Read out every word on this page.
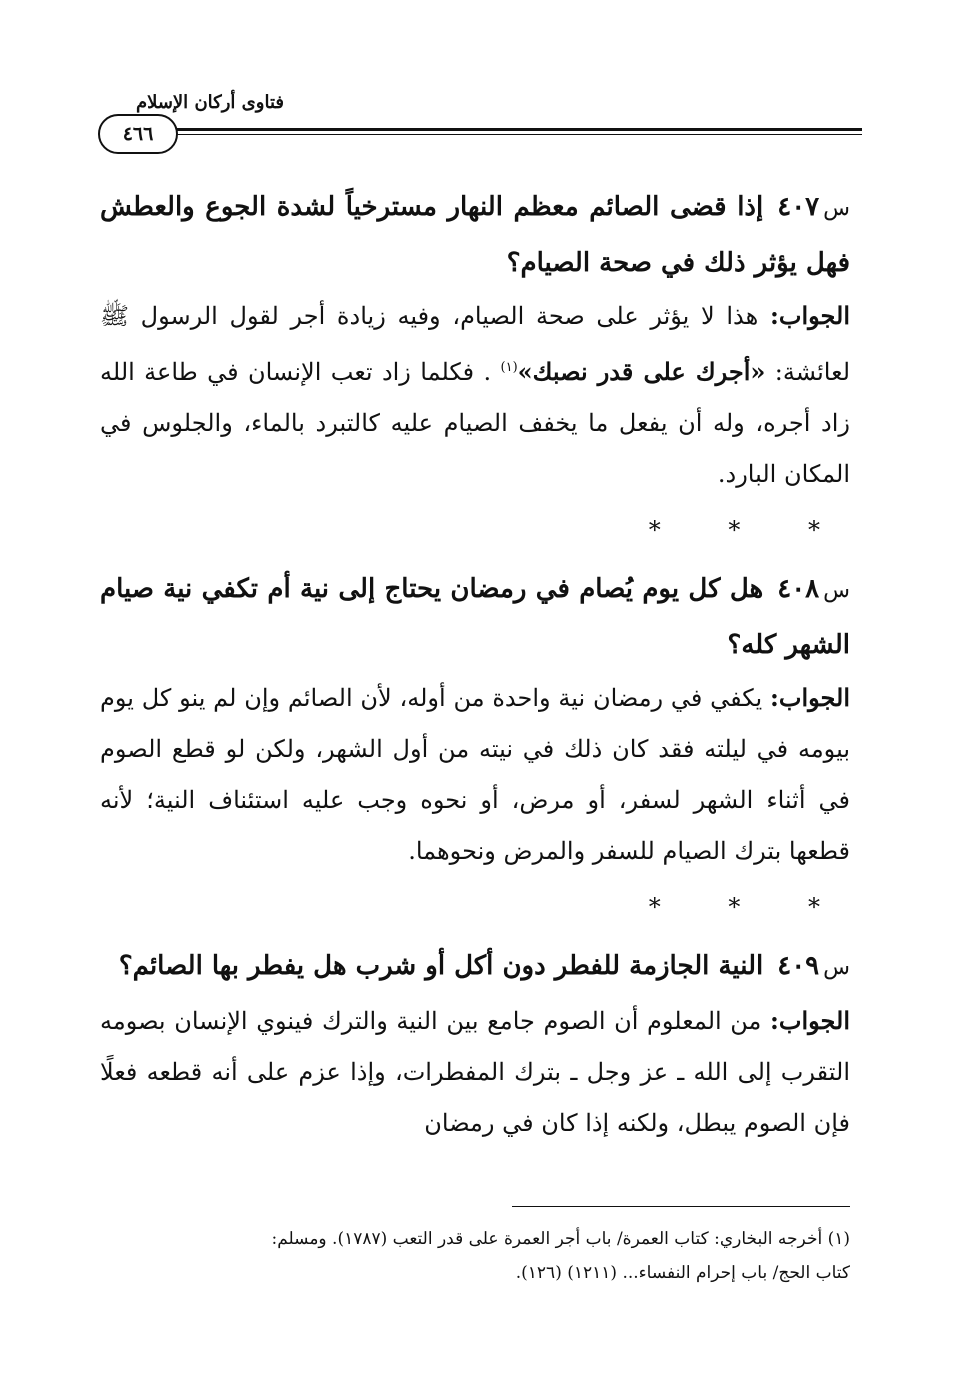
فتاوى أركان الإسلام
٤٦٦

س٤٠٧إذا قضى الصائم معظم النهار مسترخياً لشدة الجوع والعطش فهل يؤثر ذلك في صحة الصيام؟

الجواب: هذا لا يؤثر على صحة الصيام، وفيه زيادة أجر لقول الرسول ﷺ لعائشة: «أجرك على قدر نصبك»$^{(١)}$ . فكلما زاد تعب الإنسان في طاعة الله زاد أجره، وله أن يفعل ما يخفف الصيام عليه كالتبرد بالماء، والجلوس في المكان البارد.

* * *

س٤٠٨هل كل يوم يُصام في رمضان يحتاج إلى نية أم تكفي نية صيام الشهر كله؟

الجواب: يكفي في رمضان نية واحدة من أوله، لأن الصائم وإن لم ينو كل يوم بيومه في ليلته فقد كان ذلك في نيته من أول الشهر، ولكن لو قطع الصوم في أثناء الشهر لسفر، أو مرض، أو نحوه وجب عليه استئناف النية؛ لأنه قطعها بترك الصيام للسفر والمرض ونحوهما.

* * *

س٤٠٩النية الجازمة للفطر دون أكل أو شرب هل يفطر بها الصائم؟

الجواب: من المعلوم أن الصوم جامع بين النية والترك فينوي الإنسان بصومه التقرب إلى الله ـ عز وجل ـ بترك المفطرات، وإذا عزم على أنه قطعه فعلًا فإن الصوم يبطل، ولكنه إذا كان في رمضان

(١) أخرجه البخاري: كتاب العمرة/ باب أجر العمرة على قدر التعب (١٧٨٧). ومسلم:

كتاب الحج/ باب إحرام النفساء... (١٢١١) (١٢٦).
